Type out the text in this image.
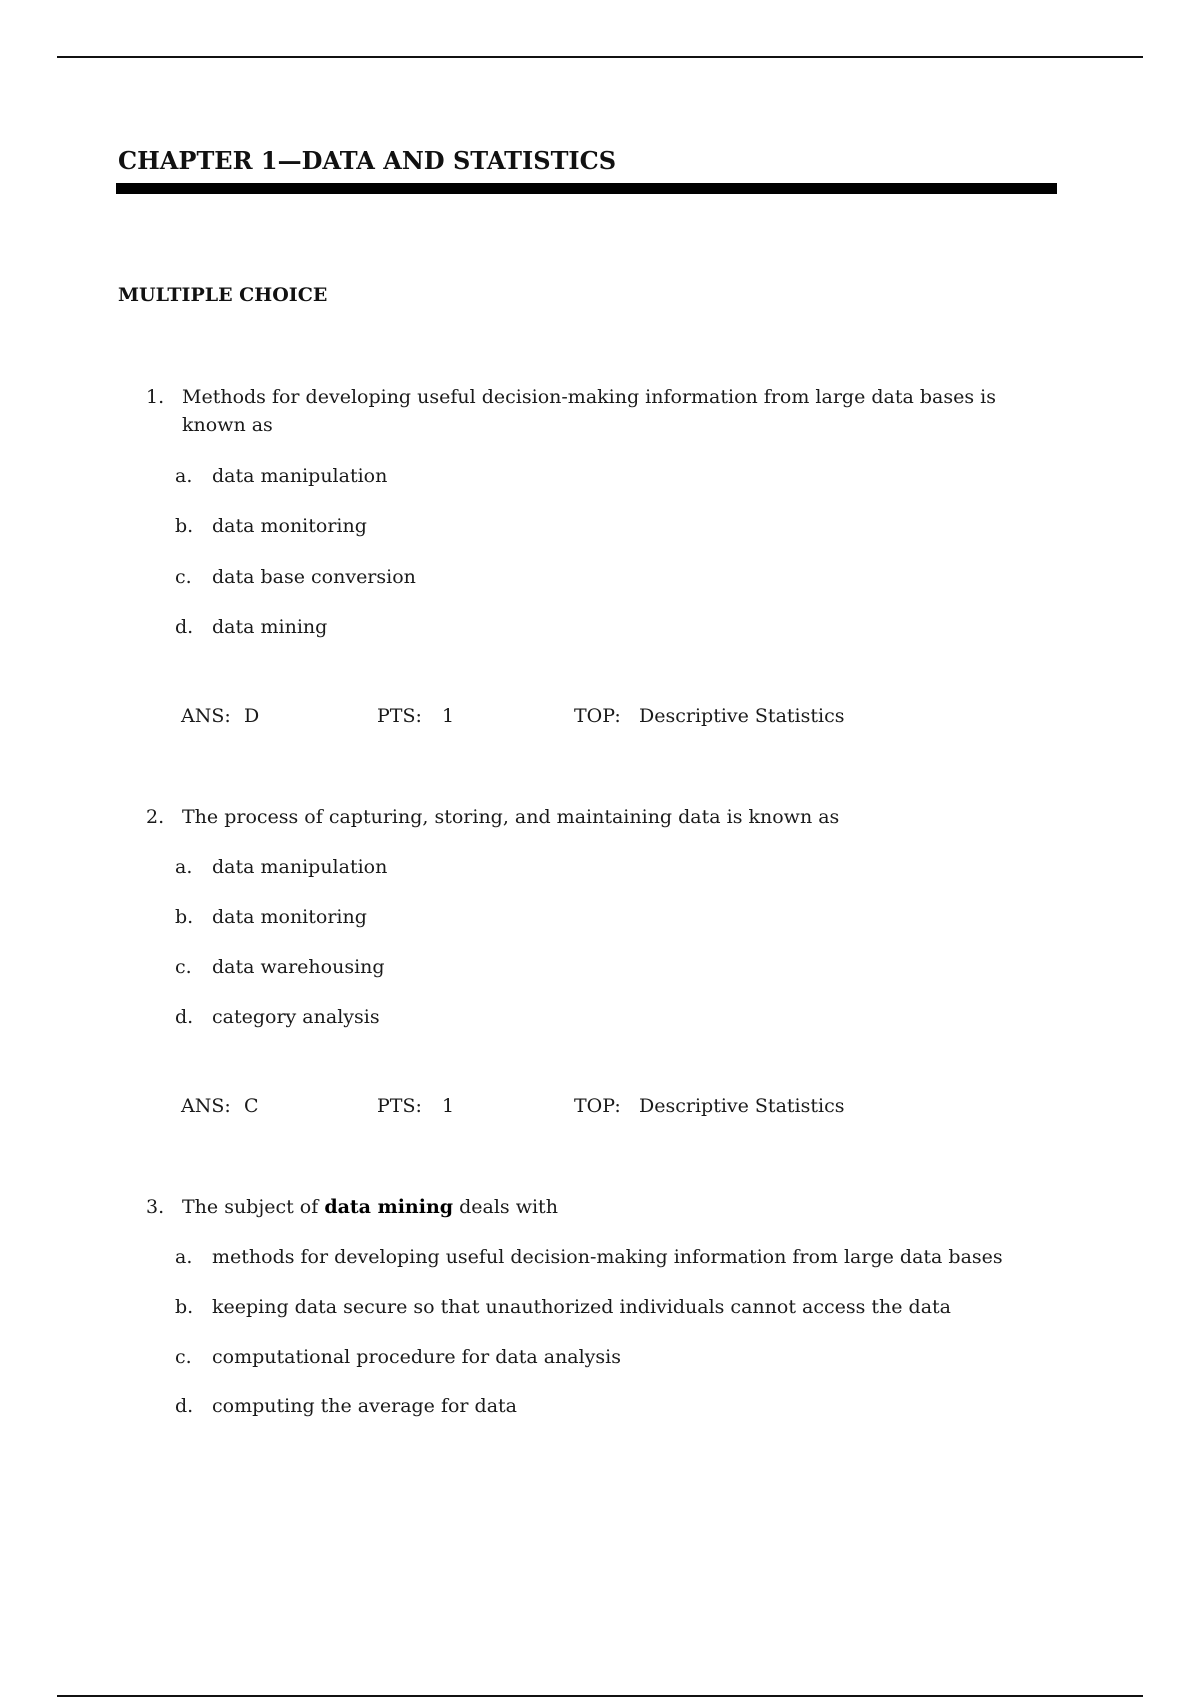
CHAPTER 1—DATA AND STATISTICS
MULTIPLE CHOICE
1. Methods for developing useful decision-making information from large data bases is known as
a. data manipulation
b. data monitoring
c. data base conversion
d. data mining
ANS: D	PTS: 1	TOP: Descriptive Statistics
2. The process of capturing, storing, and maintaining data is known as
a. data manipulation
b. data monitoring
c. data warehousing
d. category analysis
ANS: C	PTS: 1	TOP: Descriptive Statistics
3. The subject of data mining deals with
a. methods for developing useful decision-making information from large data bases
b. keeping data secure so that unauthorized individuals cannot access the data
c. computational procedure for data analysis
d. computing the average for data
